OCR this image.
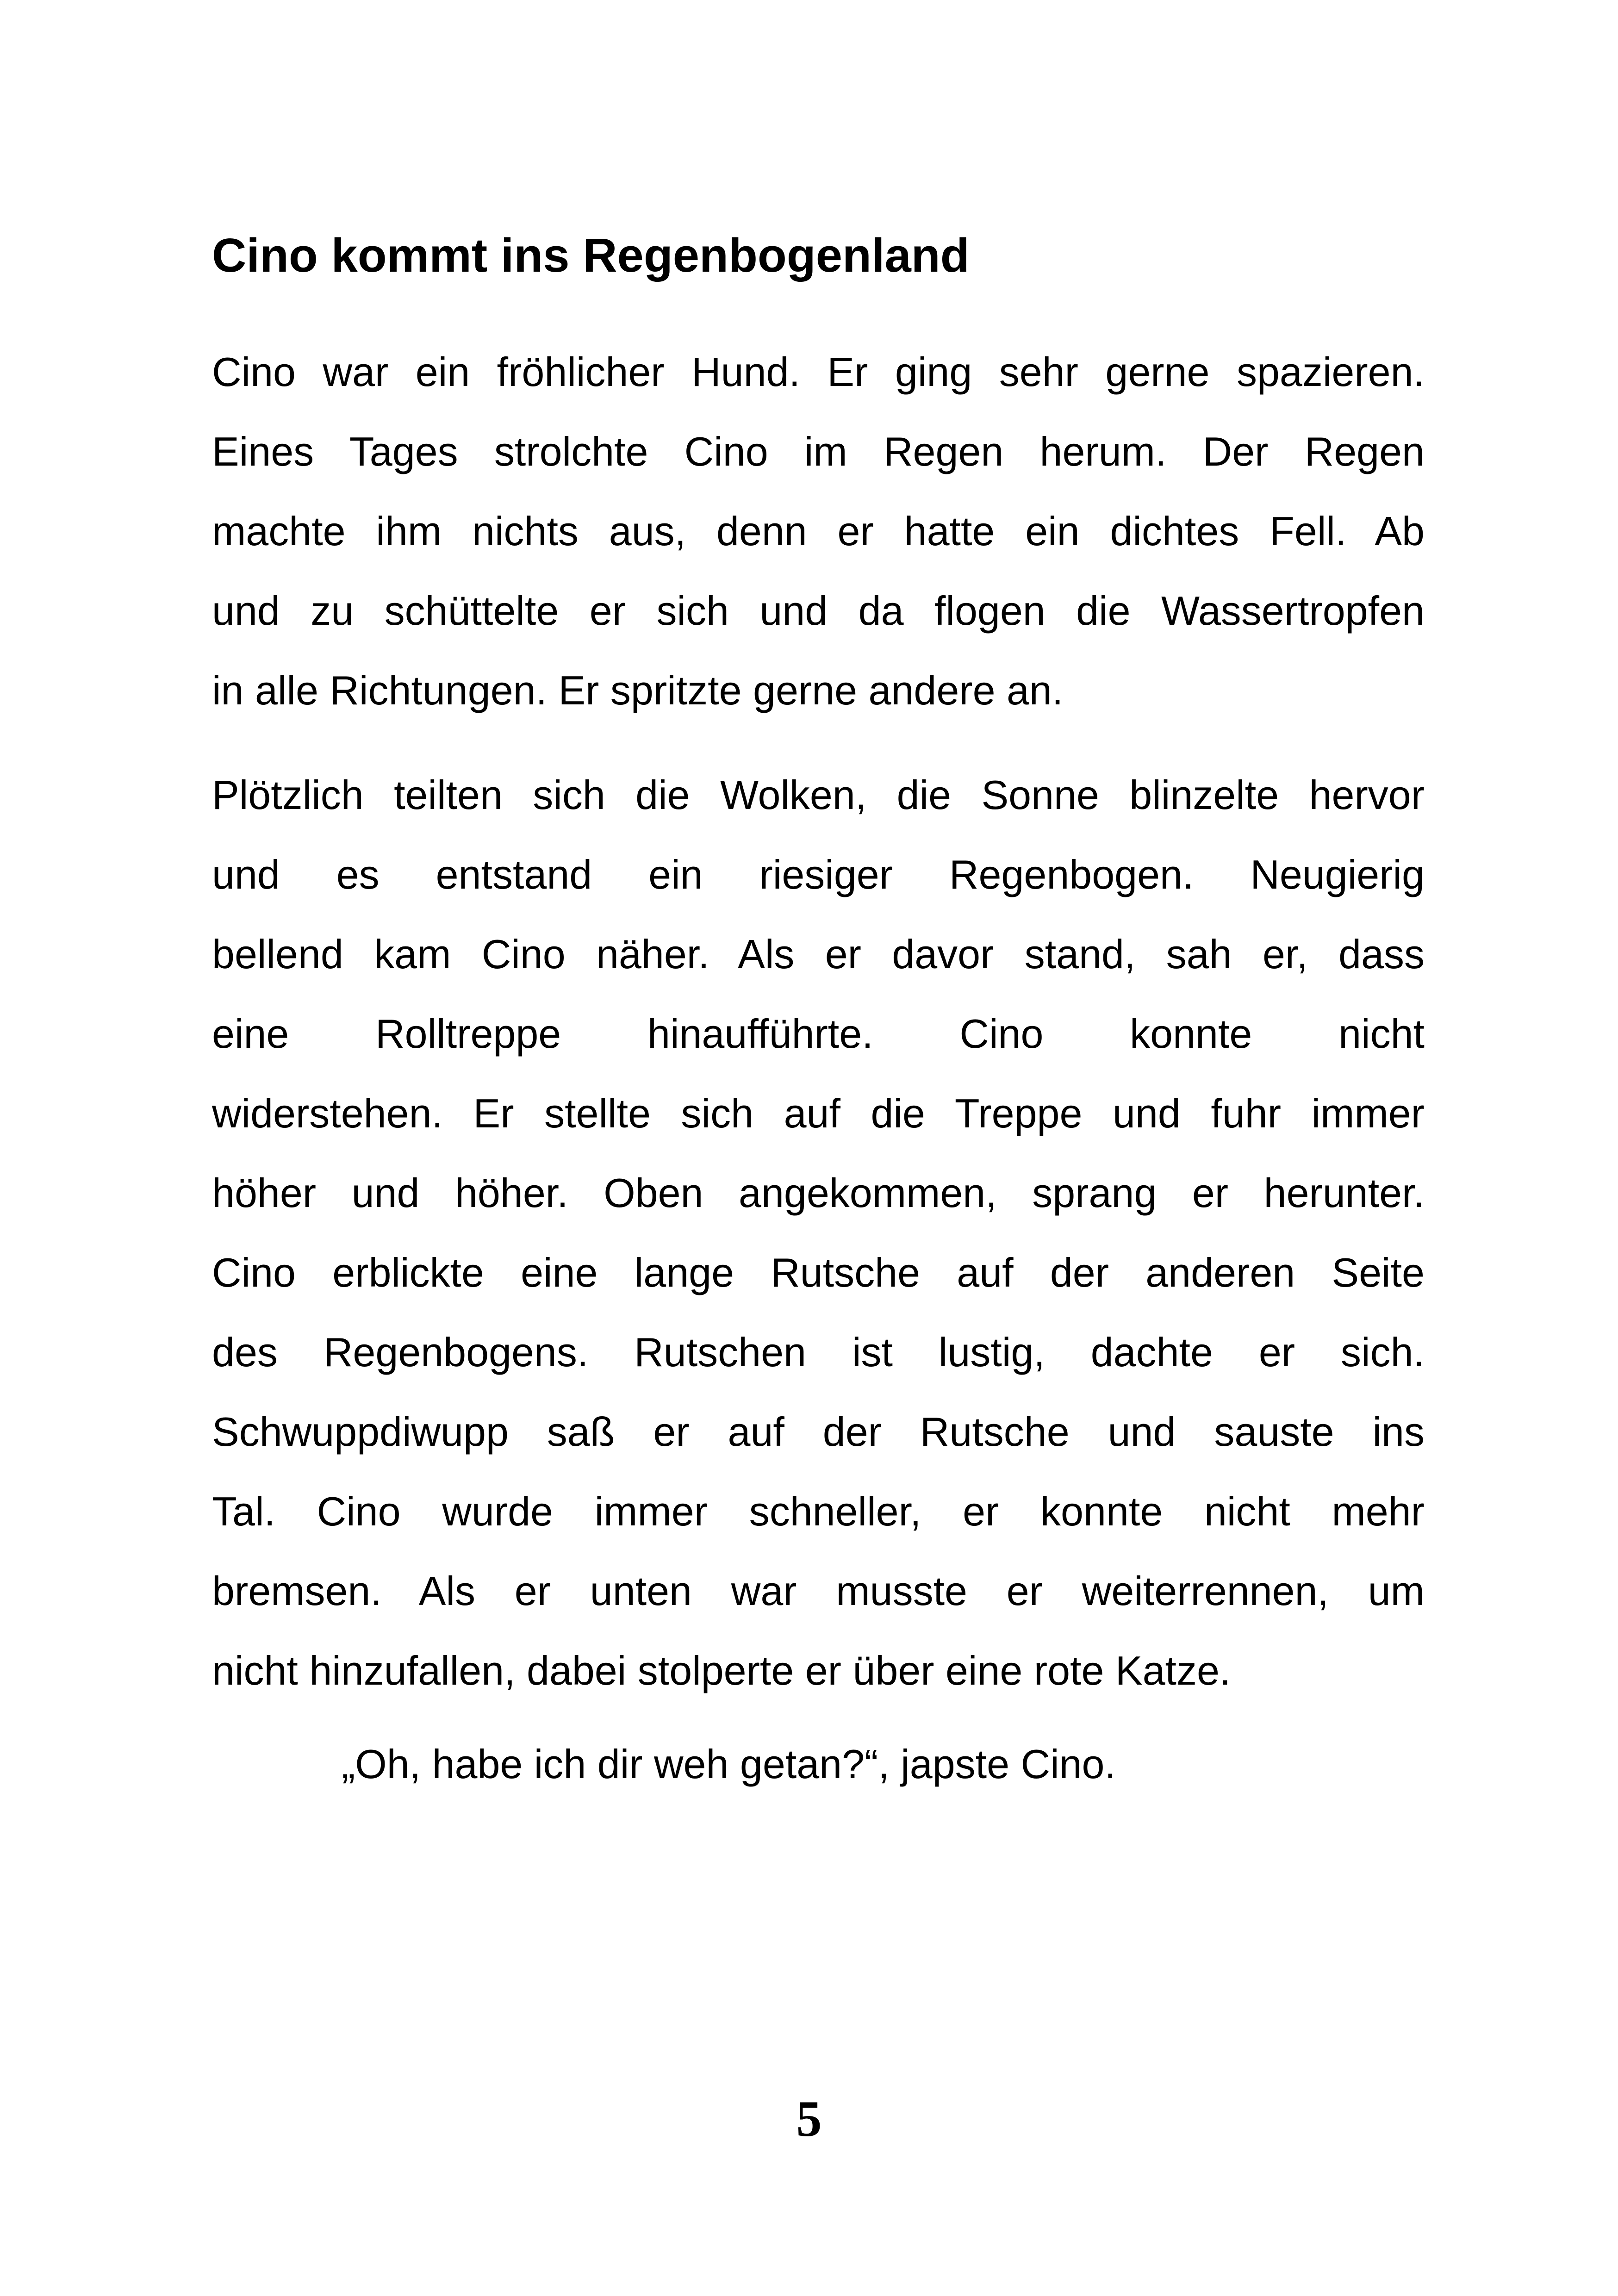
Cino kommt ins Regenbogenland
Cino war ein fröhlicher Hund. Er ging sehr gerne spazieren.
Eines Tages strolchte Cino im Regen herum. Der Regen
machte ihm nichts aus, denn er hatte ein dichtes Fell. Ab
und zu schüttelte er sich und da flogen die Wassertropfen
in alle Richtungen. Er spritzte gerne andere an.
Plötzlich teilten sich die Wolken, die Sonne blinzelte hervor
und es entstand ein riesiger Regenbogen. Neugierig
bellend kam Cino näher. Als er davor stand, sah er, dass
eine Rolltreppe hinaufführte. Cino konnte nicht
widerstehen. Er stellte sich auf die Treppe und fuhr immer
höher und höher. Oben angekommen, sprang er herunter.
Cino erblickte eine lange Rutsche auf der anderen Seite
des Regenbogens. Rutschen ist lustig, dachte er sich.
Schwuppdiwupp saß er auf der Rutsche und sauste ins
Tal. Cino wurde immer schneller, er konnte nicht mehr
bremsen. Als er unten war musste er weiterrennen, um
nicht hinzufallen, dabei stolperte er über eine rote Katze.
„Oh, habe ich dir weh getan?“, japste Cino.
5
